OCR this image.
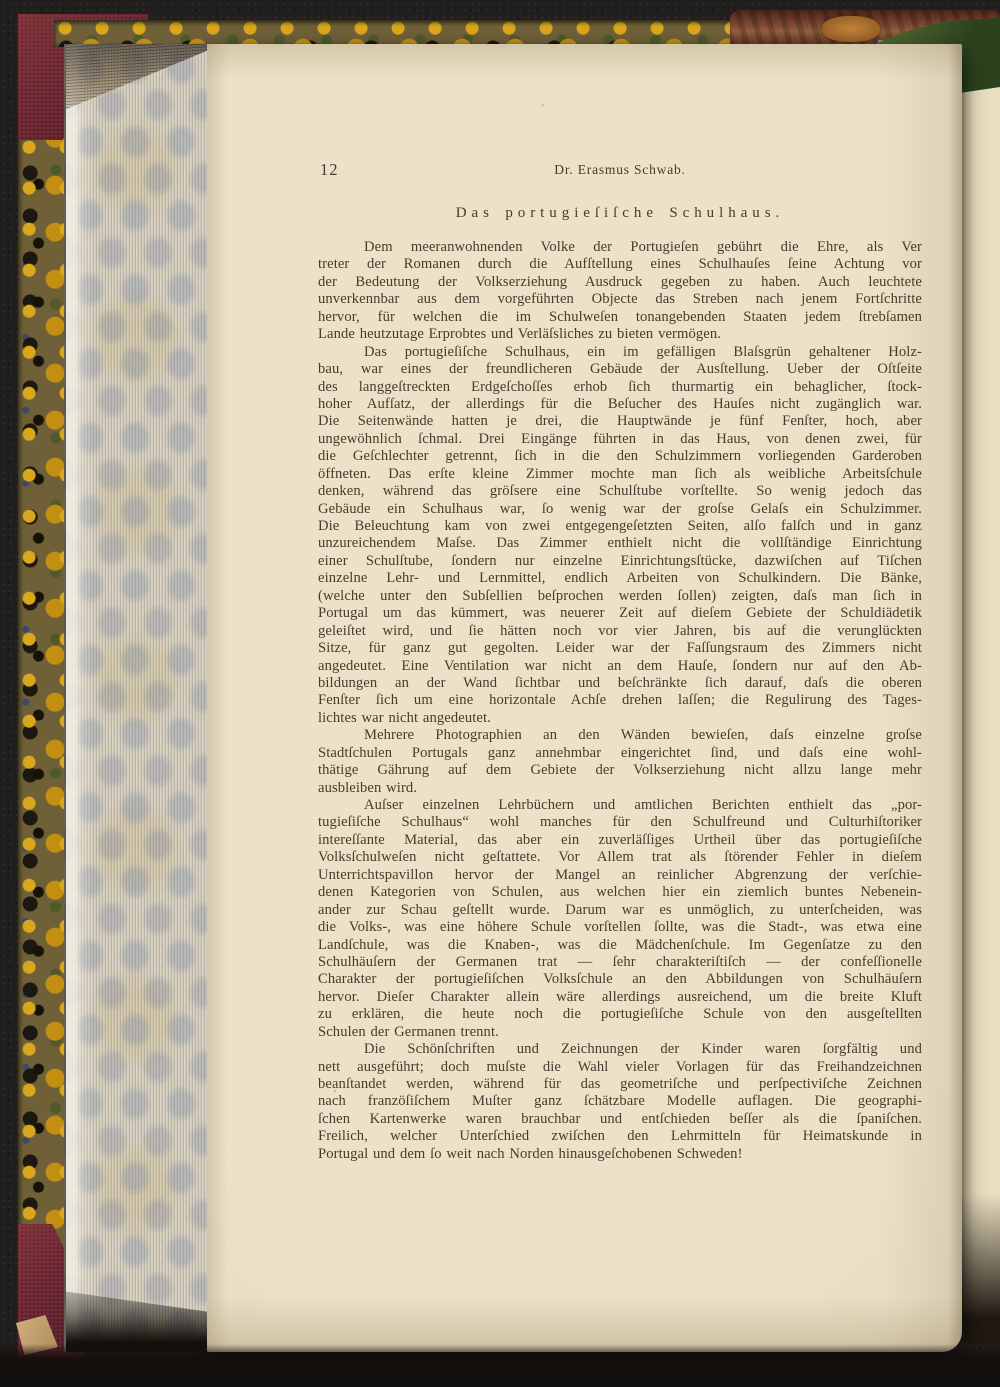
12	Dr. Erasmus Schwab.
Das portugieſiſche Schulhaus.
Dem meeranwohnenden Volke der Portugieſen gebührt die Ehre, als Ver
treter der Romanen durch die Aufſtellung eines Schulhauſes ſeine Achtung vor
der Bedeutung der Volkserziehung Ausdruck gegeben zu haben. Auch leuchtete
unverkennbar aus dem vorgeführten Objecte das Streben nach jenem Fortſchritte
hervor, für welchen die im Schulweſen tonangebenden Staaten jedem ſtrebſamen
Lande heutzutage Erprobtes und Verläſsliches zu bieten vermögen.
Das portugieſiſche Schulhaus, ein im gefälligen Blaſsgrün gehaltener Holz-
bau, war eines der freundlicheren Gebäude der Ausſtellung. Ueber der Oſtſeite
des langgeſtreckten Erdgeſchoſſes erhob ſich thurmartig ein behaglicher, ſtock-
hoher Aufſatz, der allerdings für die Beſucher des Hauſes nicht zugänglich war.
Die Seitenwände hatten je drei, die Hauptwände je fünf Fenſter, hoch, aber
ungewöhnlich ſchmal. Drei Eingänge führten in das Haus, von denen zwei, für
die Geſchlechter getrennt, ſich in die den Schulzimmern vorliegenden Garderoben
öffneten. Das erſte kleine Zimmer mochte man ſich als weibliche Arbeitsſchule
denken, während das gröſsere eine Schulſtube vorſtellte. So wenig jedoch das
Gebäude ein Schulhaus war, ſo wenig war der groſse Gelaſs ein Schulzimmer.
Die Beleuchtung kam von zwei entgegengeſetzten Seiten, alſo falſch und in ganz
unzureichendem Maſse. Das Zimmer enthielt nicht die vollſtändige Einrichtung
einer Schulſtube, ſondern nur einzelne Einrichtungsſtücke, dazwiſchen auf Tiſchen
einzelne Lehr- und Lernmittel, endlich Arbeiten von Schulkindern. Die Bänke,
(welche unter den Subſellien beſprochen werden ſollen) zeigten, daſs man ſich in
Portugal um das kümmert, was neuerer Zeit auf dieſem Gebiete der Schuldiädetik
geleiſtet wird, und ſie hätten noch vor vier Jahren, bis auf die verunglückten
Sitze, für ganz gut gegolten. Leider war der Faſſungsraum des Zimmers nicht
angedeutet. Eine Ventilation war nicht an dem Hauſe, ſondern nur auf den Ab-
bildungen an der Wand ſichtbar und beſchränkte ſich darauf, daſs die oberen
Fenſter ſich um eine horizontale Achſe drehen laſſen; die Regulirung des Tages-
lichtes war nicht angedeutet.
Mehrere Photographien an den Wänden bewieſen, daſs einzelne groſse
Stadtſchulen Portugals ganz annehmbar eingerichtet ſind, und daſs eine wohl-
thätige Gährung auf dem Gebiete der Volkserziehung nicht allzu lange mehr
ausbleiben wird.
Auſser einzelnen Lehrbüchern und amtlichen Berichten enthielt das „por-
tugieſiſche Schulhaus“ wohl manches für den Schulfreund und Culturhiſtoriker
intereſſante Material, das aber ein zuverläſſiges Urtheil über das portugieſiſche
Volksſchulweſen nicht geſtattete. Vor Allem trat als ſtörender Fehler in dieſem
Unterrichtspavillon hervor der Mangel an reinlicher Abgrenzung der verſchie-
denen Kategorien von Schulen, aus welchen hier ein ziemlich buntes Nebenein-
ander zur Schau geſtellt wurde. Darum war es unmöglich, zu unterſcheiden, was
die Volks-, was eine höhere Schule vorſtellen ſollte, was die Stadt-, was etwa eine
Landſchule, was die Knaben-, was die Mädchenſchule. Im Gegenſatze zu den
Schulhäuſern der Germanen trat — ſehr charakteriſtiſch — der confeſſionelle
Charakter der portugieſiſchen Volksſchule an den Abbildungen von Schulhäuſern
hervor. Dieſer Charakter allein wäre allerdings ausreichend, um die breite Kluft
zu erklären, die heute noch die portugieſiſche Schule von den ausgeſtellten
Schulen der Germanen trennt.
Die Schönſchriften und Zeichnungen der Kinder waren ſorgfältig und
nett ausgeführt; doch muſste die Wahl vieler Vorlagen für das Freihandzeichnen
beanſtandet werden, während für das geometriſche und perſpectiviſche Zeichnen
nach franzöſiſchem Muſter ganz ſchätzbare Modelle auflagen. Die geographi-
ſchen Kartenwerke waren brauchbar und entſchieden beſſer als die ſpaniſchen.
Freilich, welcher Unterſchied zwiſchen den Lehrmitteln für Heimatskunde in
Portugal und dem ſo weit nach Norden hinausgeſchobenen Schweden!
